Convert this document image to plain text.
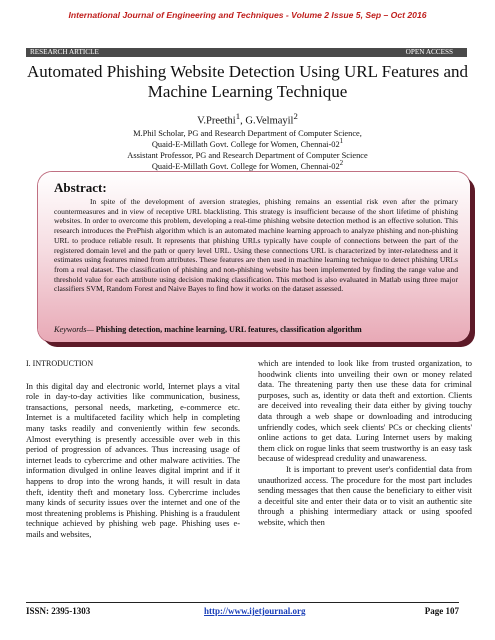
International Journal of Engineering and Techniques - Volume 2 Issue 5, Sep – Oct 2016
RESEARCH ARTICLE	OPEN ACCESS
Automated Phishing Website Detection Using URL Features and Machine Learning Technique
V.Preethi$^1$, G.Velmayil$^2$
M.Phil Scholar, PG and Research Department of Computer Science,
Quaid-E-Millath Govt. College for Women, Chennai-$02^1$
Assistant Professor, PG and Research Department of Computer Science
Quaid-E-Millath Govt. College for Women, Chennai-$02^2$
Abstract:
In spite of the development of aversion strategies, phishing remains an essential risk even after the primary countermeasures and in view of receptive URL blacklisting. This strategy is insufficient because of the short lifetime of phishing websites. In order to overcome this problem, developing a real-time phishing website detection method is an effective solution. This research introduces the PrePhish algorithm which is an automated machine learning approach to analyze phishing and non-phishing URL to produce reliable result. It represents that phishing URLs typically have couple of connections between the part of the registered domain level and the path or query level URL. Using these connections URL is characterized by inter-relatedness and it estimates using features mined from attributes. These features are then used in machine learning technique to detect phishing URLs from a real dataset. The classification of phishing and non-phishing website has been implemented by finding the range value and threshold value for each attribute using decision making classification. This method is also evaluated in Matlab using three major classifiers SVM, Random Forest and Naive Bayes to find how it works on the dataset assessed.
Keywords— Phishing detection, machine learning, URL features, classification algorithm

I. INTRODUCTION

In this digital day and electronic world, Internet plays a vital role in day-to-day activities like communication, business, transactions, personal needs, marketing, e-commerce etc. Internet is a multifaceted facility which help in completing many tasks readily and conveniently within few seconds. Almost everything is presently accessible over web in this period of progression of advances. Thus increasing usage of internet leads to cybercrime and other malware activities. The information divulged in online leaves digital imprint and if it happens to drop into the wrong hands, it will result in data theft, identity theft and monetary loss. Cybercrime includes many kinds of security issues over the internet and one of the most threatening problems is Phishing. Phishing is a fraudulent technique achieved by phishing web page. Phishing uses e-mails and websites,

which are intended to look like from trusted organization, to hoodwink clients into unveiling their own or money related data. The threatening party then use these data for criminal purposes, such as, identity or data theft and extortion. Clients are deceived into revealing their data either by giving touchy data through a web shape or downloading and introducing unfriendly codes, which seek clients' PCs or checking clients' online actions to get data. Luring Internet users by making them click on rogue links that seem trustworthy is an easy task because of widespread credulity and unawareness.

It is important to prevent user's confidential data from unauthorized access. The procedure for the most part includes sending messages that then cause the beneficiary to either visit a deceitful site and enter their data or to visit an authentic site through a phishing intermediary attack or using spoofed website, which then

ISSN: 2395-1303	http://www.ijetjournal.org	Page 107
